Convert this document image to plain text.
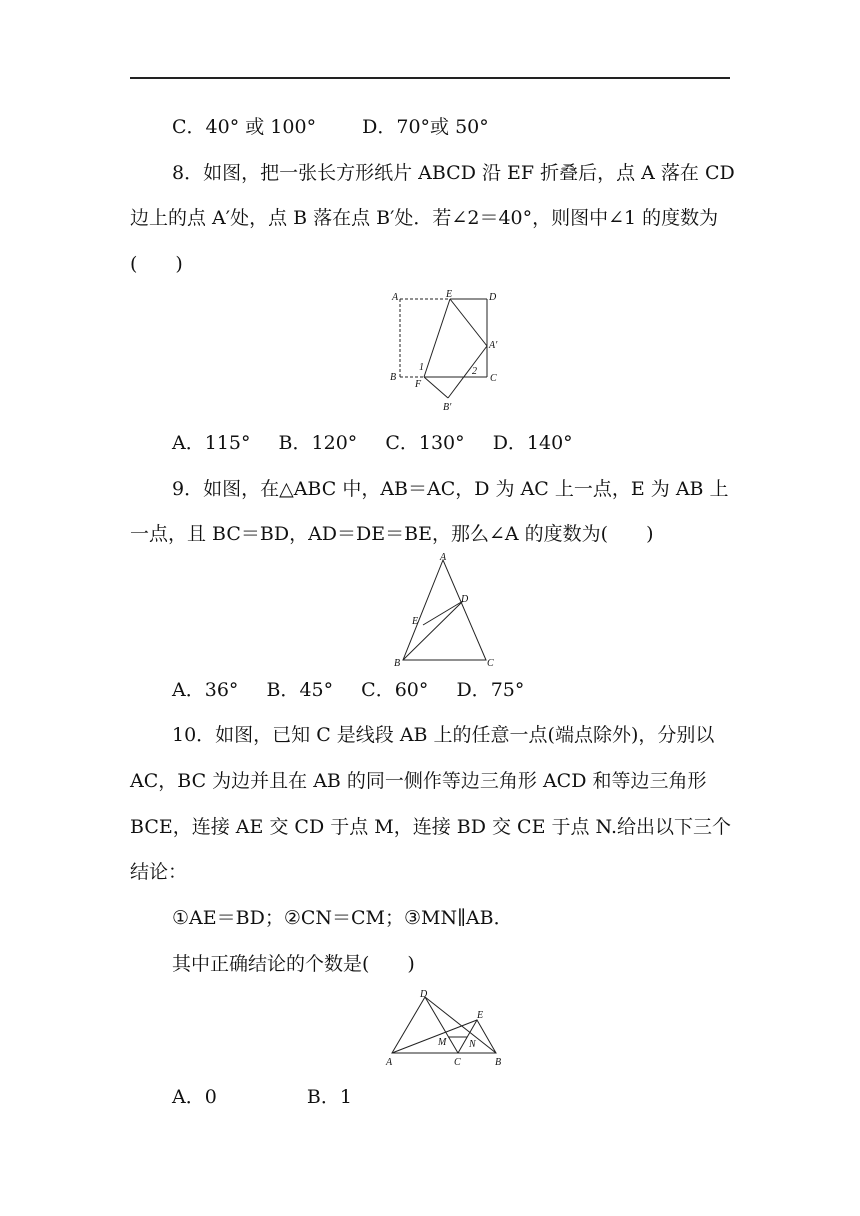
C．40° 或 100° D．70°或 50°
8．如图，把一张长方形纸片 ABCD 沿 EF 折叠后，点 A 落在 CD
边上的点 A′处，点 B 落在点 B′处．若∠2＝40°，则图中∠1 的度数为
(　　)
A	E	D
A′
B
1
F
2
C
B′
A．115° B．120° C．130° D．140°
9．如图，在△ABC 中，AB＝AC，D 为 AC 上一点，E 为 AB 上
一点，且 BC＝BD，AD＝DE＝BE，那么∠A 的度数为(　　)
A
D
E
B	C
A．36° B．45° C．60° D．75°
10．如图，已知 C 是线段 AB 上的任意一点(端点除外)，分别以
AC，BC 为边并且在 AB 的同一侧作等边三角形 ACD 和等边三角形
BCE，连接 AE 交 CD 于点 M，连接 BD 交 CE 于点 N.给出以下三个
结论：
①AE＝BD；②CN＝CM；③MN∥AB．
其中正确结论的个数是(　　)
D
E
M N
A	C	B
A．0	B．1
